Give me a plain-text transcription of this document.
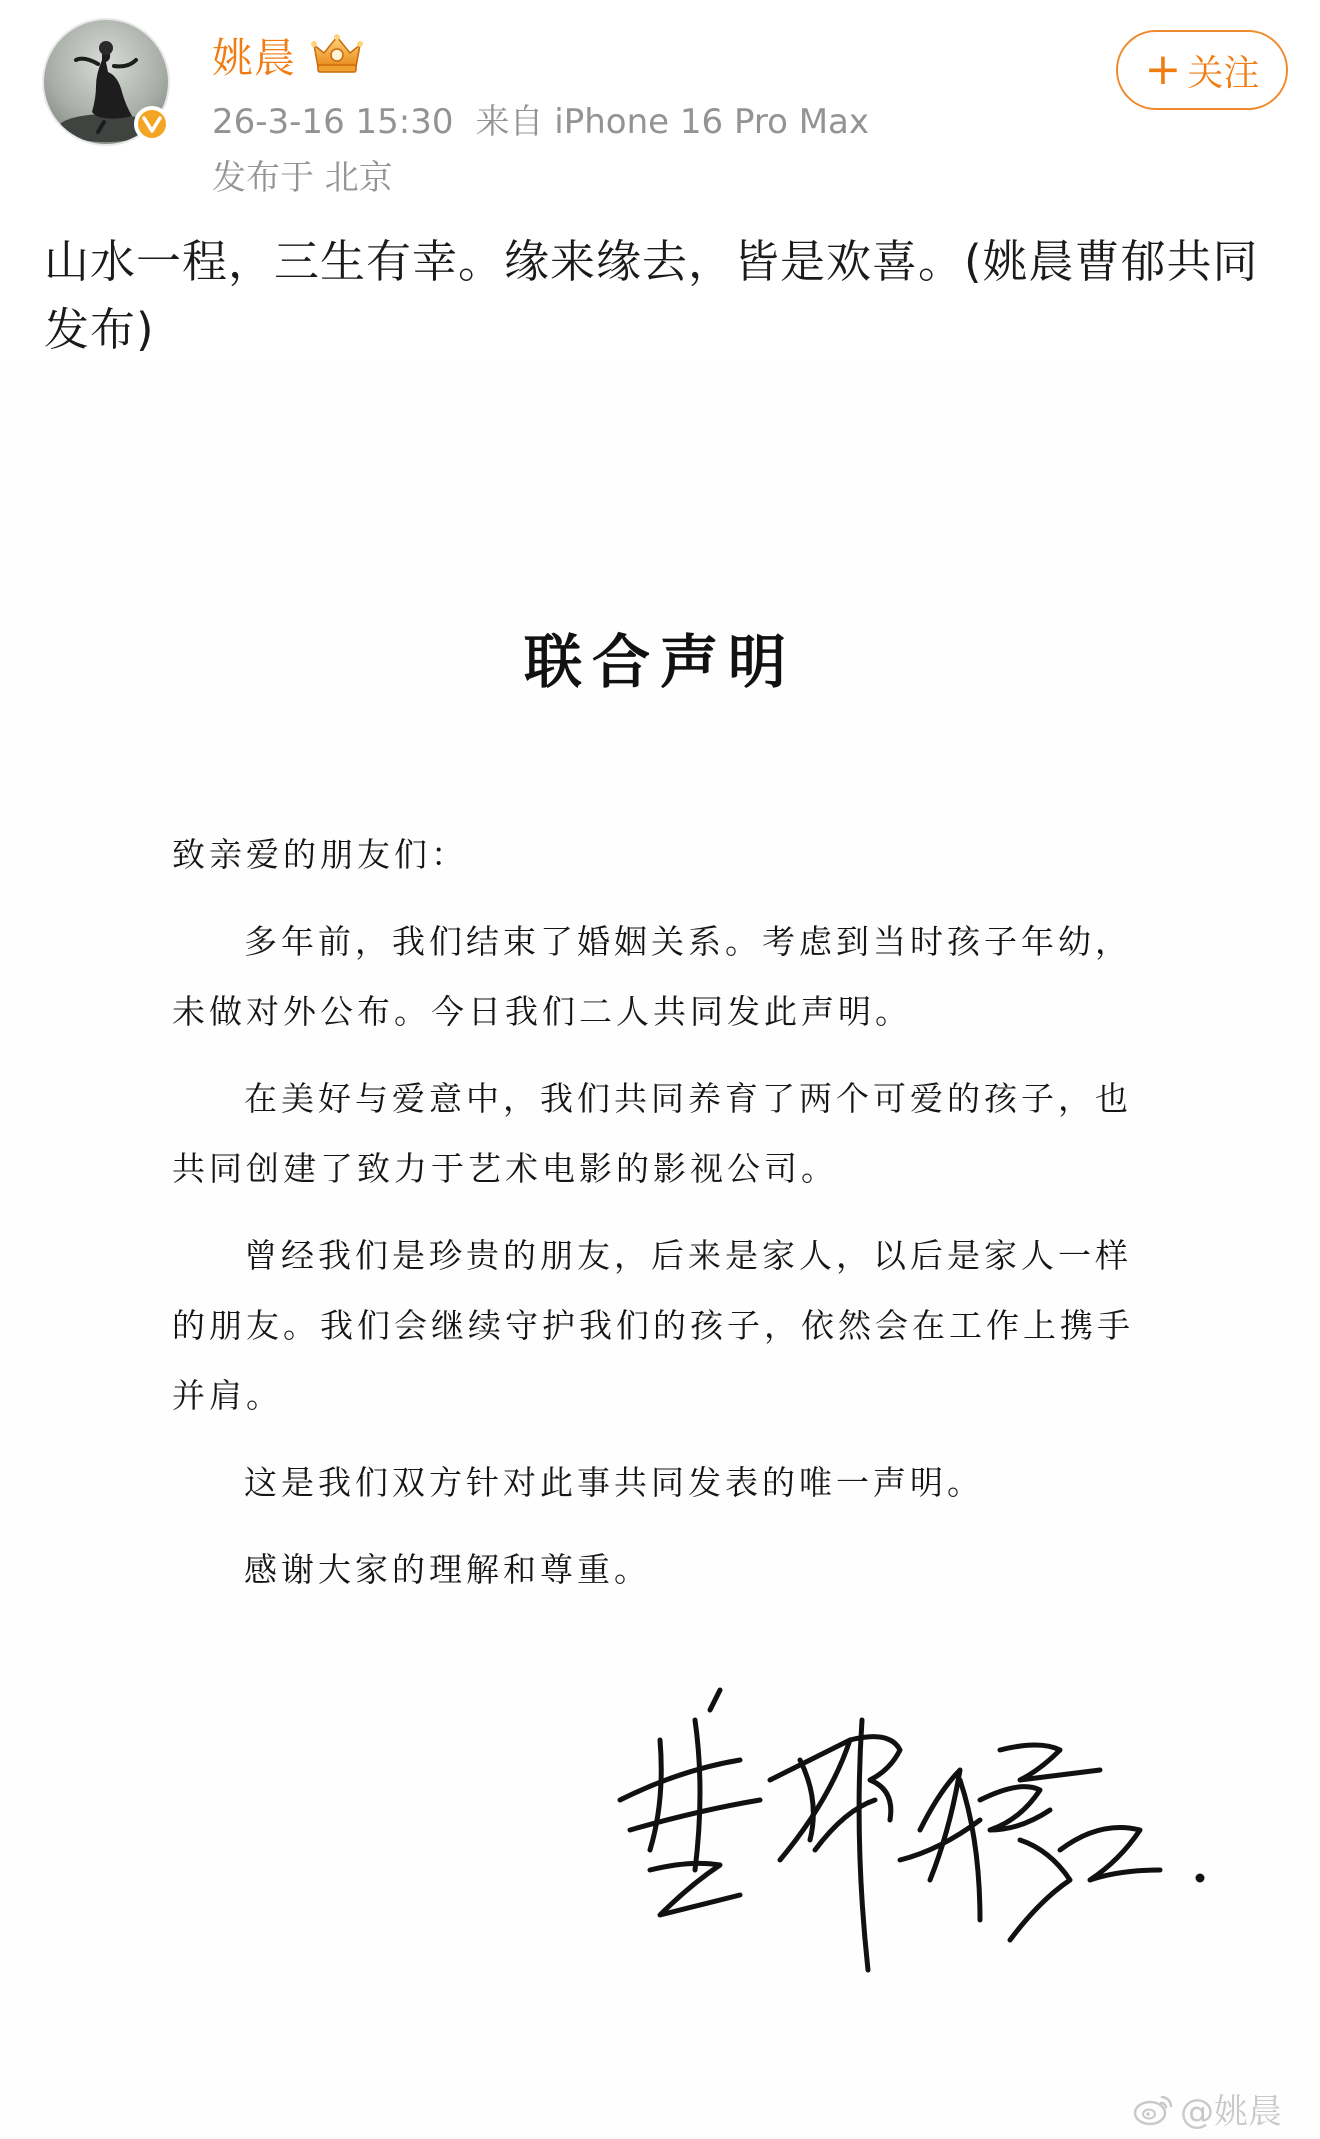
姚晨
26-3-16 15:30 来自 iPhone 16 Pro Max
发布于 北京
+ 关注
山水一程，三生有幸。缘来缘去，皆是欢喜。(姚晨曹郁共同发布)
联合声明

致亲爱的朋友们：

多年前，我们结束了婚姻关系。考虑到当时孩子年幼，未做对外公布。今日我们二人共同发此声明。

在美好与爱意中，我们共同养育了两个可爱的孩子，也共同创建了致力于艺术电影的影视公司。

曾经我们是珍贵的朋友，后来是家人，以后是家人一样的朋友。我们会继续守护我们的孩子，依然会在工作上携手并肩。

这是我们双方针对此事共同发表的唯一声明。

感谢大家的理解和尊重。

@姚晨
